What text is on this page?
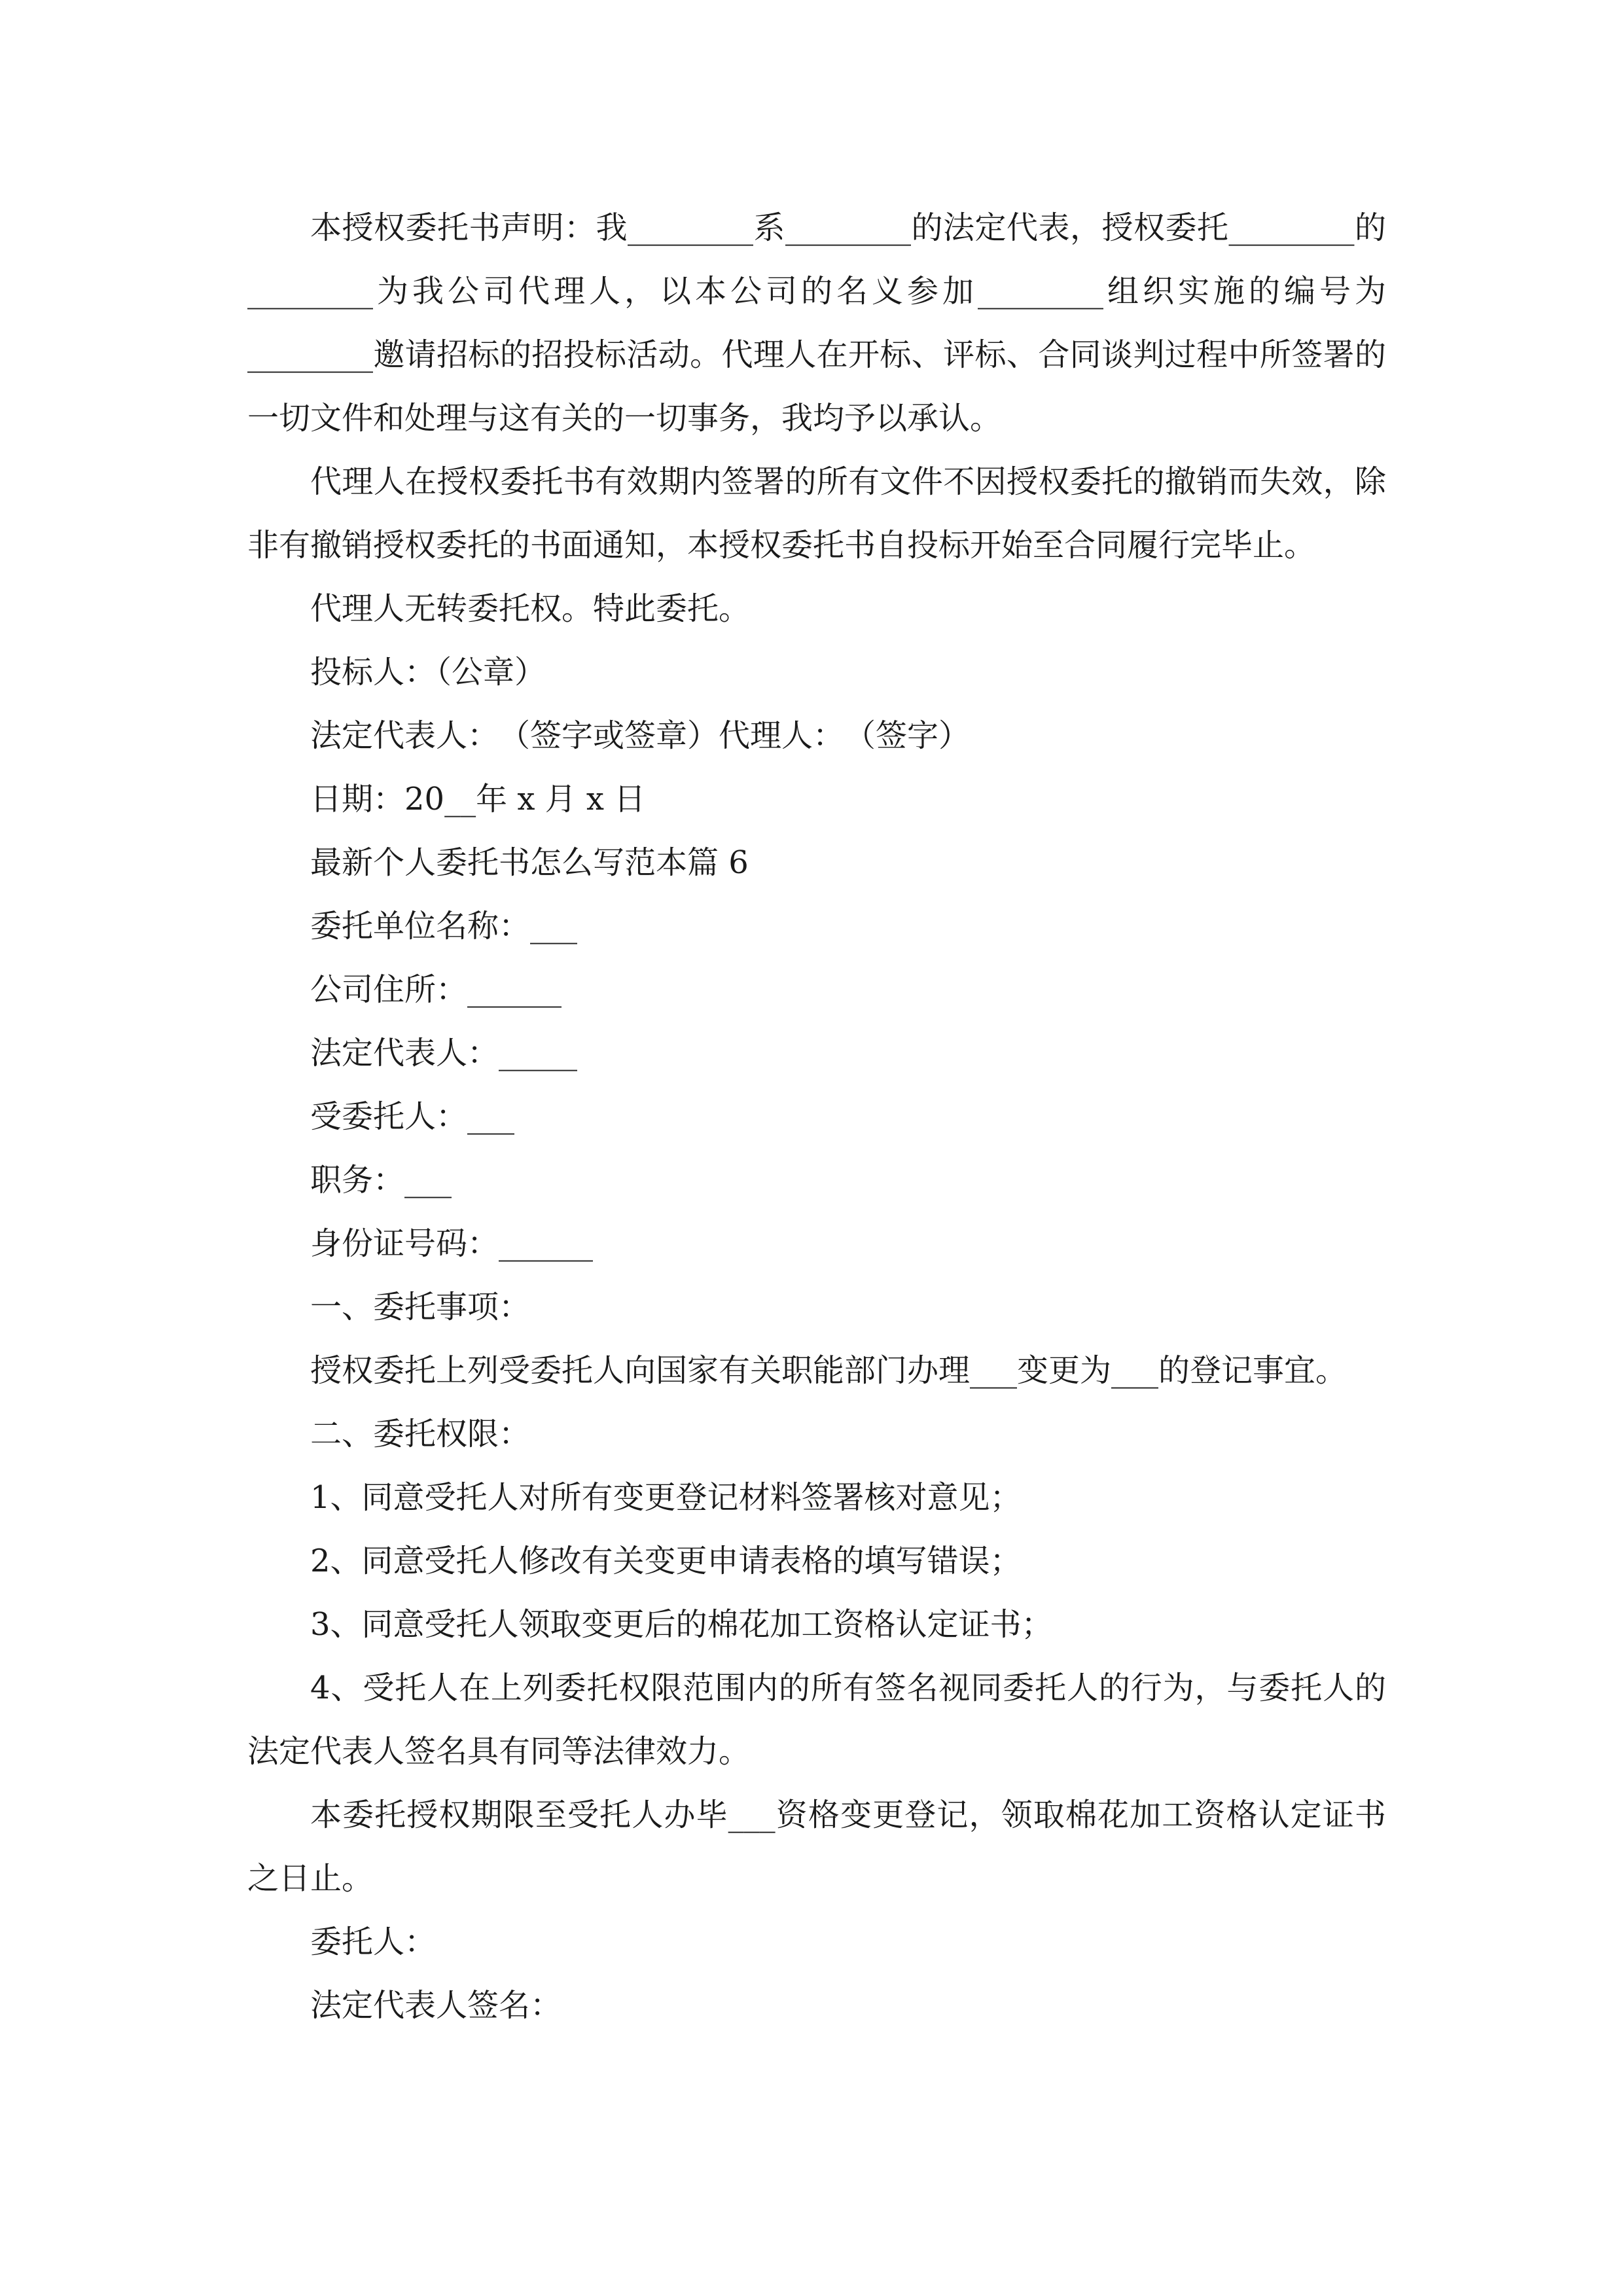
本授权委托书声明：我________系________的法定代表，授权委托________的________为我公司代理人，以本公司的名义参加________组织实施的编号为________邀请招标的招投标活动。代理人在开标、评标、合同谈判过程中所签署的一切文件和处理与这有关的一切事务，我均予以承认。

代理人在授权委托书有效期内签署的所有文件不因授权委托的撤销而失效，除非有撤销授权委托的书面通知，本授权委托书自投标开始至合同履行完毕止。

代理人无转委托权。特此委托。

投标人：（公章）

法定代表人：　（签字或签章）代理人：　（签字）

日期：20__年 x 月 x 日

最新个人委托书怎么写范本篇 6

委托单位名称：___

公司住所：______

法定代表人：_____

受委托人：___

职务：___

身份证号码：______

一、委托事项：

授权委托上列受委托人向国家有关职能部门办理___变更为___的登记事宜。

二、委托权限：

1、同意受托人对所有变更登记材料签署核对意见；

2、同意受托人修改有关变更申请表格的填写错误；

3、同意受托人领取变更后的棉花加工资格认定证书；

4、受托人在上列委托权限范围内的所有签名视同委托人的行为，与委托人的法定代表人签名具有同等法律效力。

本委托授权期限至受托人办毕___资格变更登记，领取棉花加工资格认定证书之日止。

委托人：

法定代表人签名：
